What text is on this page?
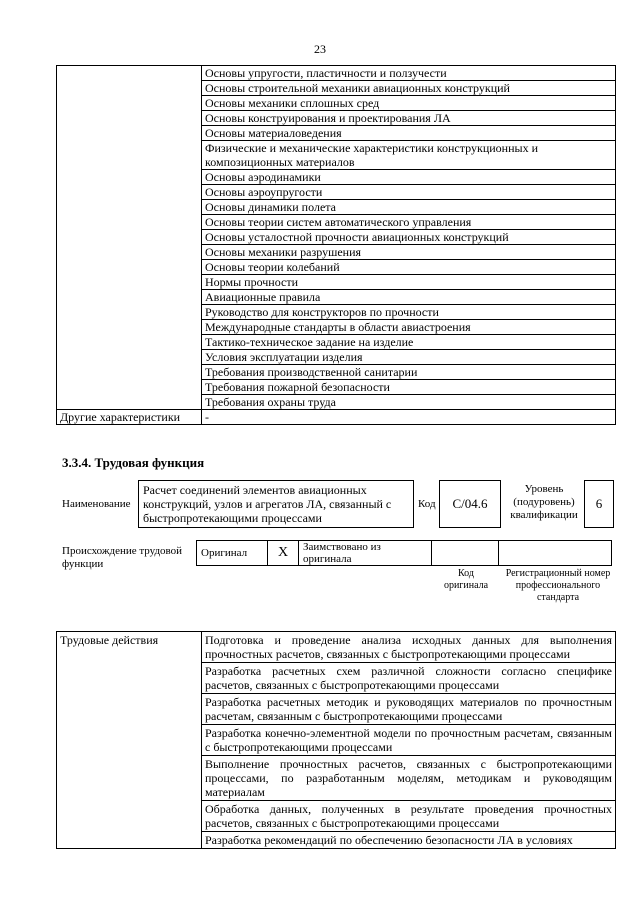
23
	Основы упругости, пластичности и ползучести
	Основы строительной механики авиационных конструкций
	Основы механики сплошных сред
	Основы конструирования и проектирования ЛА
	Основы материаловедения
	Физические и механические характеристики конструкционных и композиционных материалов
	Основы аэродинамики
	Основы аэроупругости
	Основы динамики полета
	Основы теории систем автоматического управления
	Основы усталостной прочности авиационных конструкций
	Основы механики разрушения
	Основы теории колебаний
	Нормы прочности
	Авиационные правила
	Руководство для конструкторов по прочности
	Международные стандарты в области авиастроения
	Тактико-техническое задание на изделие
	Условия эксплуатации изделия
	Требования производственной санитарии
	Требования пожарной безопасности
	Требования охраны труда
Другие характеристики	-
3.3.4. Трудовая функция
Наименование
Расчет соединений элементов авиационных конструкций, узлов и агрегатов ЛА, связанный с быстропротекающими процессами
Код	С/04.6
Уровень (подуровень) квалификации
6
Происхождение трудовой функции
Оригинал	X	Заимствовано из оригинала		
Код оригинала
Регистрационный номер профессионального стандарта
Трудовые действия	Подготовка и проведение анализа исходных данных для выполнения прочностных расчетов, связанных с быстропротекающими процессами
Разработка расчетных схем различной сложности согласно специфике расчетов, связанных с быстропротекающими процессами
Разработка расчетных методик и руководящих материалов по прочностным расчетам, связанным с быстропротекающими процессами
Разработка конечно-элементной модели по прочностным расчетам, связанным с быстропротекающими процессами
Выполнение прочностных расчетов, связанных с быстропротекающими процессами, по разработанным моделям, методикам и руководящим материалам
Обработка данных, полученных в результате проведения прочностных расчетов, связанных с быстропротекающими процессами
Разработка рекомендаций по обеспечению безопасности ЛА в условиях
